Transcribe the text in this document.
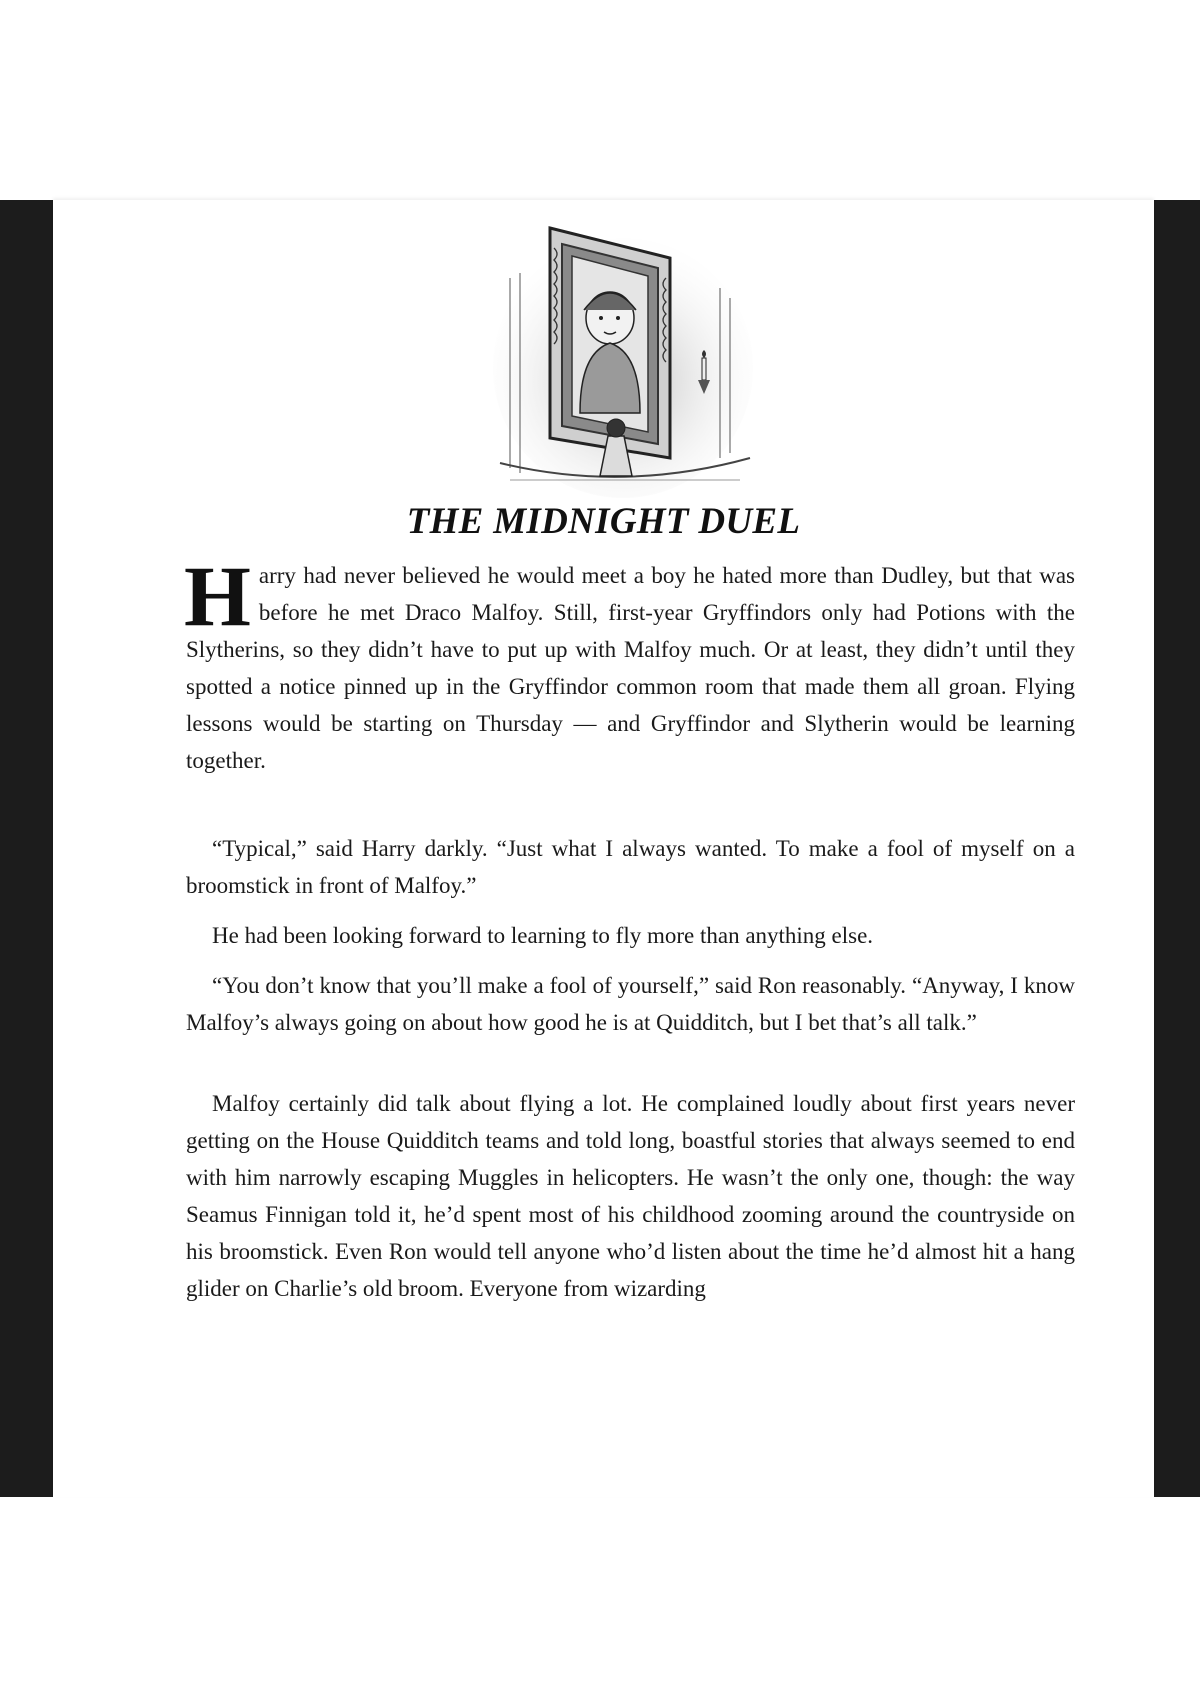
THE MIDNIGHT DUEL

Harry had never believed he would meet a boy he hated more than Dudley, but that was before he met Draco Malfoy. Still, first-year Gryffindors only had Potions with the Slytherins, so they didn’t have to put up with Malfoy much. Or at least, they didn’t until they spotted a notice pinned up in the Gryffindor common room that made them all groan. Flying lessons would be starting on Thursday — and Gryffindor and Slytherin would be learning together.

“Typical,” said Harry darkly. “Just what I always wanted. To make a fool of myself on a broomstick in front of Malfoy.”

He had been looking forward to learning to fly more than anything else.

“You don’t know that you’ll make a fool of yourself,” said Ron reasonably. “Anyway, I know Malfoy’s always going on about how good he is at Quidditch, but I bet that’s all talk.”

Malfoy certainly did talk about flying a lot. He complained loudly about first years never getting on the House Quidditch teams and told long, boastful stories that always seemed to end with him narrowly escaping Muggles in helicopters. He wasn’t the only one, though: the way Seamus Finnigan told it, he’d spent most of his childhood zooming around the countryside on his broomstick. Even Ron would tell anyone who’d listen about the time he’d almost hit a hang glider on Charlie’s old broom. Everyone from wizarding
